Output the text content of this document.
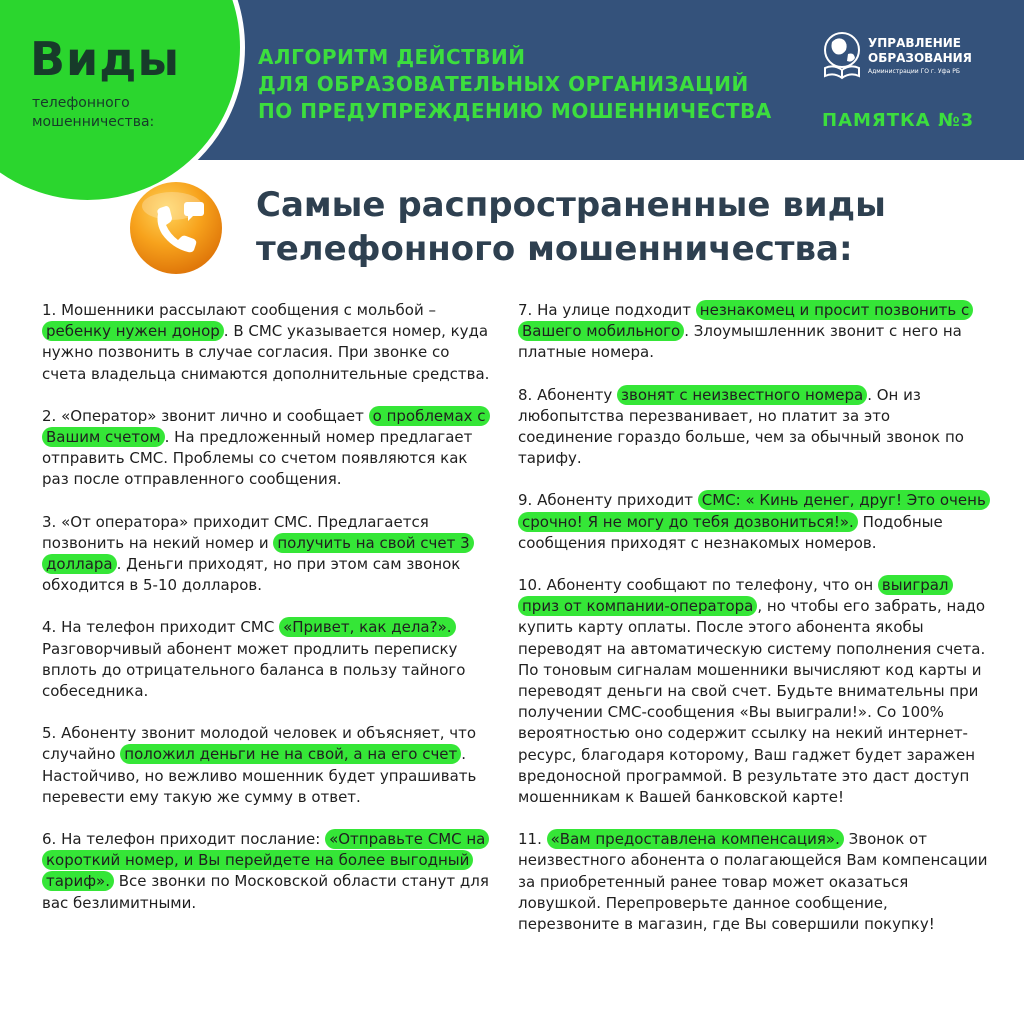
Виды
телефонного
мошенничества:
АЛГОРИТМ ДЕЙСТВИЙ
ДЛЯ ОБРАЗОВАТЕЛЬНЫХ ОРГАНИЗАЦИЙ
ПО ПРЕДУПРЕЖДЕНИЮ МОШЕННИЧЕСТВА
УПРАВЛЕНИЕ
ОБРАЗОВАНИЯ
Администрации ГО г. Уфа РБ
ПАМЯТКА №3
Самые распространенные виды
телефонного мошенничества:
1. Мошенники рассылают сообщения с мольбой – ребенку нужен донор . В СМС указывается номер, куда нужно позвонить в случае согласия. При звонке со счета владельца снимаются дополнительные средства.
2. «Оператор» звонит лично и сообщает о проблемах с Вашим счетом . На предложенный номер предлагает отправить СМС. Проблемы со счетом появляются как раз после отправленного сообщения.
3. «От оператора» приходит СМС. Предлагается позвонить на некий номер и получить на свой счет 3 доллара . Деньги приходят, но при этом сам звонок обходится в 5-10 долларов.
4. На телефон приходит СМС «Привет, как дела?». Разговорчивый абонент может продлить переписку вплоть до отрицательного баланса в пользу тайного собеседника.
5. Абоненту звонит молодой человек и объясняет, что случайно положил деньги не на свой, а на его счет . Настойчиво, но вежливо мошенник будет упрашивать перевести ему такую же сумму в ответ.
6. На телефон приходит послание: «Отправьте СМС на короткий номер, и Вы перейдете на более выгодный тариф». Все звонки по Московской области станут для вас безлимитными.
7. На улице подходит незнакомец и просит позвонить с Вашего мобильного . Злоумышленник звонит с него на платные номера.
8. Абоненту звонят с неизвестного номера . Он из любопытства перезванивает, но платит за это соединение гораздо больше, чем за обычный звонок по тарифу.
9. Абоненту приходит СМС: « Кинь денег, друг! Это очень срочно! Я не могу до тебя дозвониться!». Подобные сообщения приходят с незнакомых номеров.
10. Абоненту сообщают по телефону, что он выиграл приз от компании-оператора , но чтобы его забрать, надо купить карту оплаты. После этого абонента якобы переводят на автоматическую систему пополнения счета. По тоновым сигналам мошенники вычисляют код карты и переводят деньги на свой счет. Будьте внимательны при получении СМС-сообщения «Вы выиграли!». Со 100% вероятностью оно содержит ссылку на некий интернет-ресурс, благодаря которому, Ваш гаджет будет заражен вредоносной программой. В результате это даст доступ мошенникам к Вашей банковской карте!
11. «Вам предоставлена компенсация». Звонок от неизвестного абонента о полагающейся Вам компенсации за приобретенный ранее товар может оказаться ловушкой. Перепроверьте данное сообщение, перезвоните в магазин, где Вы совершили покупку!
